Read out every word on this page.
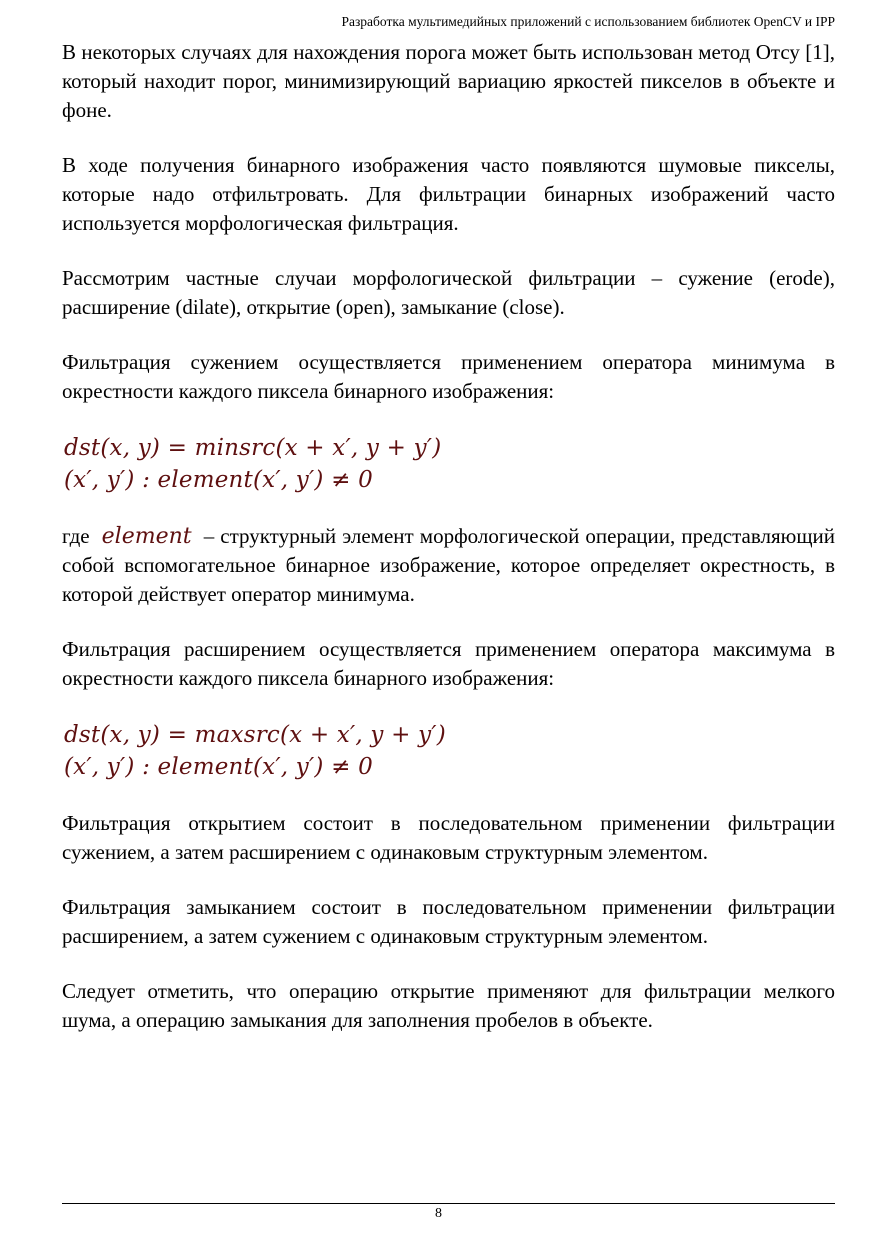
Разработка мультимедийных приложений с использованием библиотек OpenCV и IPP

В некоторых случаях для нахождения порога может быть использован метод Отсу [1], который находит порог, минимизирующий вариацию яркостей пикселов в объекте и фоне.

В ходе получения бинарного изображения часто появляются шумовые пикселы, которые надо отфильтровать. Для фильтрации бинарных изображений часто используется морфологическая фильтрация.

Рассмотрим частные случаи морфологической фильтрации – сужение (erode), расширение (dilate), открытие (open), замыкание (close).

Фильтрация сужением осуществляется применением оператора минимума в окрестности каждого пиксела бинарного изображения:

dst(x, y) = minsrc(x + x′, y + y′)
(x′, y′) : element(x′, y′) ≠ 0

где element – структурный элемент морфологической операции, представляющий собой вспомогательное бинарное изображение, которое определяет окрестность, в которой действует оператор минимума.

Фильтрация расширением осуществляется применением оператора максимума в окрестности каждого пиксела бинарного изображения:

dst(x, y) = maxsrc(x + x′, y + y′)
(x′, y′) : element(x′, y′) ≠ 0

Фильтрация открытием состоит в последовательном применении фильтрации сужением, а затем расширением с одинаковым структурным элементом.

Фильтрация замыканием состоит в последовательном применении фильтрации расширением, а затем сужением с одинаковым структурным элементом.

Следует отметить, что операцию открытие применяют для фильтрации мелкого шума, а операцию замыкания для заполнения пробелов в объекте.

8
